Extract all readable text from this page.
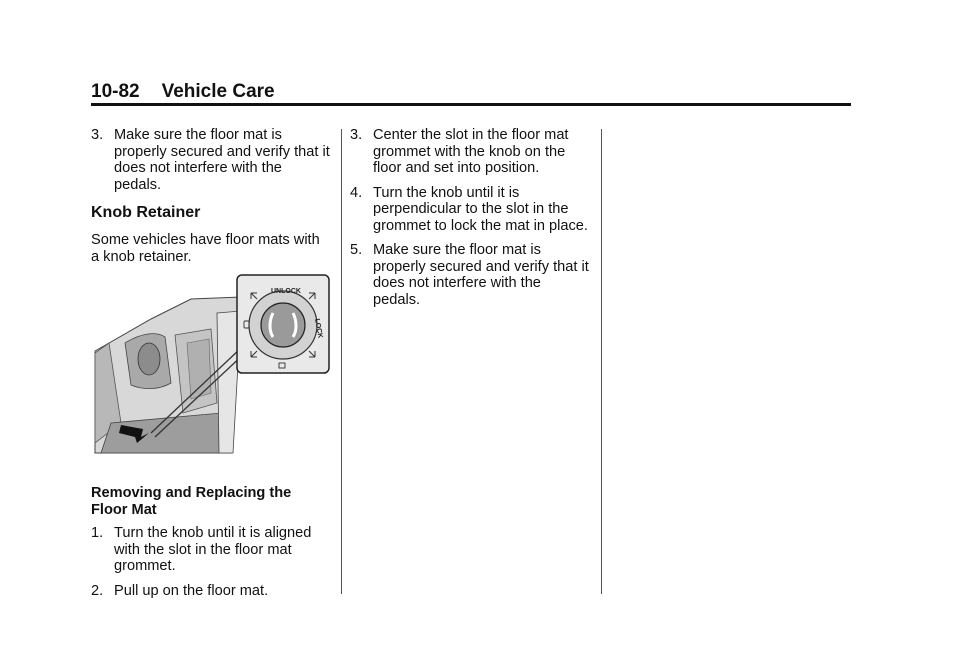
10-82 Vehicle Care
3. Make sure the floor mat is properly secured and verify that it does not interfere with the pedals.
Knob Retainer
Some vehicles have floor mats with a knob retainer.
UNLOCK
LOCK
Removing and Replacing the Floor Mat
1. Turn the knob until it is aligned with the slot in the floor mat grommet.
2. Pull up on the floor mat.
3. Center the slot in the floor mat grommet with the knob on the floor and set into position.
4. Turn the knob until it is perpendicular to the slot in the grommet to lock the mat in place.
5. Make sure the floor mat is properly secured and verify that it does not interfere with the pedals.
